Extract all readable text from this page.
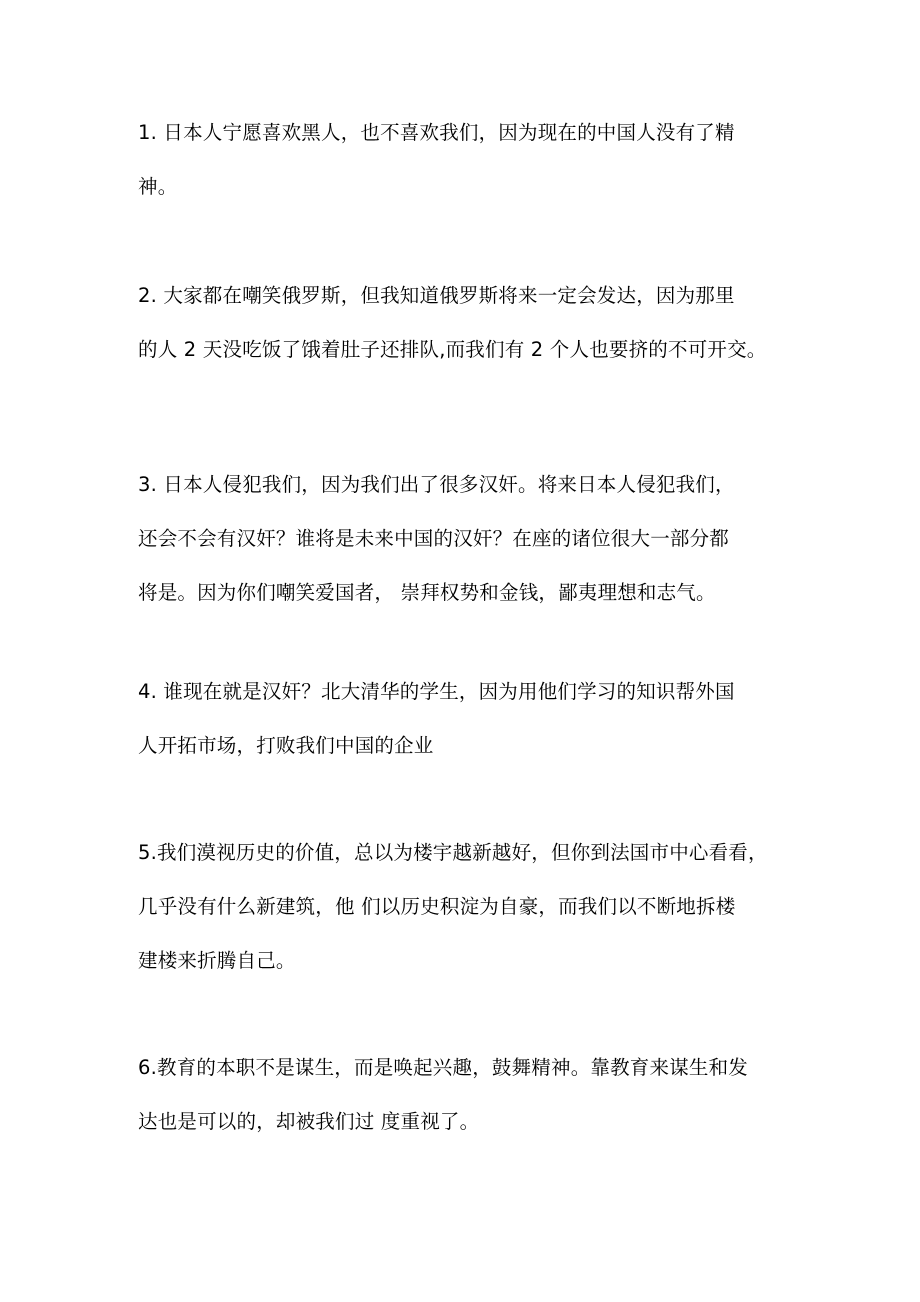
1. 日本人宁愿喜欢黑人，也不喜欢我们，因为现在的中国人没有了精
神。
2. 大家都在嘲笑俄罗斯，但我知道俄罗斯将来一定会发达，因为那里
的人 2 天没吃饭了饿着肚子还排队,而我们有 2 个人也要挤的不可开交。
3. 日本人侵犯我们，因为我们出了很多汉奸。将来日本人侵犯我们，
还会不会有汉奸？谁将是未来中国的汉奸？在座的诸位很大一部分都
将是。因为你们嘲笑爱国者， 崇拜权势和金钱，鄙夷理想和志气。
4. 谁现在就是汉奸？北大清华的学生，因为用他们学习的知识帮外国
人开拓市场，打败我们中国的企业
5.我们漠视历史的价值，总以为楼宇越新越好，但你到法国市中心看看，
几乎没有什么新建筑，他 们以历史积淀为自豪，而我们以不断地拆楼
建楼来折腾自己。
6.教育的本职不是谋生，而是唤起兴趣，鼓舞精神。靠教育来谋生和发
达也是可以的，却被我们过 度重视了。
